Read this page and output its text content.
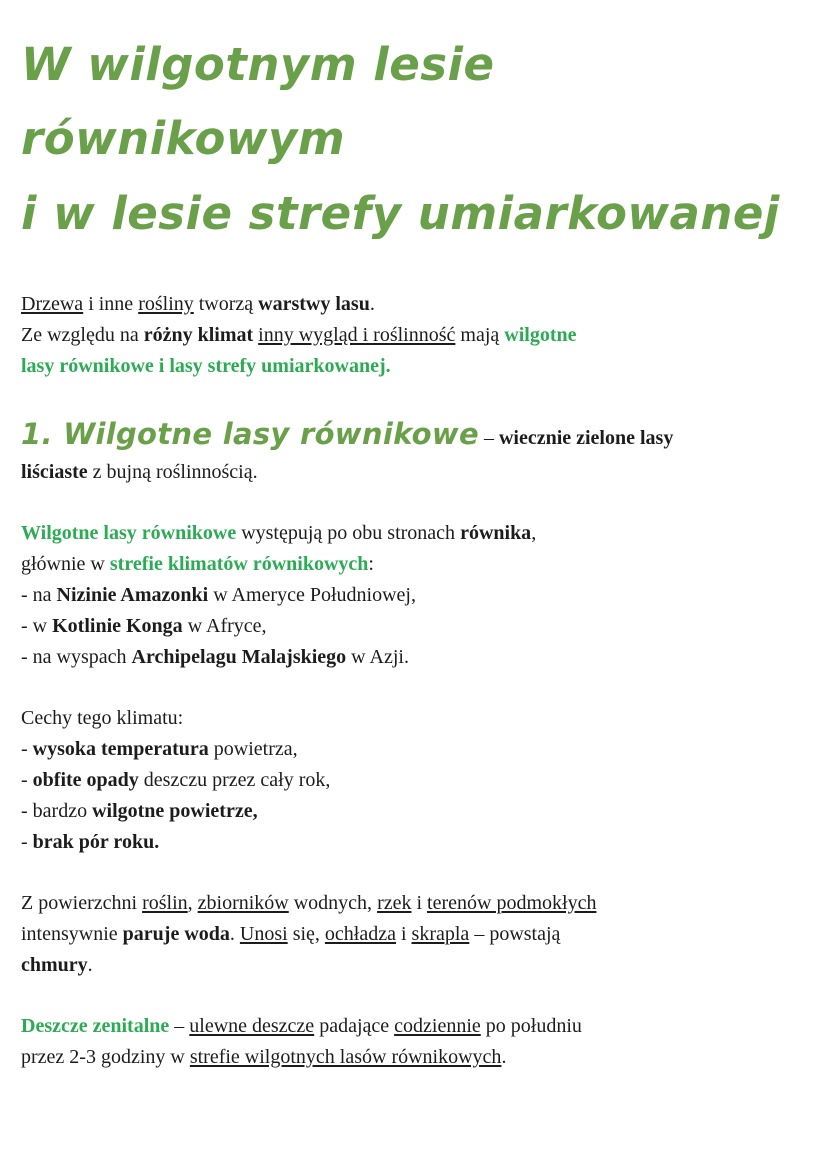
W wilgotnym lesie równikowym
i w lesie strefy umiarkowanej

Drzewa i inne rośliny tworzą warstwy lasu.
Ze względu na różny klimat inny wygląd i roślinność mają wilgotne
lasy równikowe i lasy strefy umiarkowanej.

1. Wilgotne lasy równikowe – wiecznie zielone lasy
liściaste z bujną roślinnością.

Wilgotne lasy równikowe występują po obu stronach równika,
głównie w strefie klimatów równikowych:
- na Nizinie Amazonki w Ameryce Południowej,
- w Kotlinie Konga w Afryce,
- na wyspach Archipelagu Malajskiego w Azji.

Cechy tego klimatu:
- wysoka temperatura powietrza,
- obfite opady deszczu przez cały rok,
- bardzo wilgotne powietrze,
- brak pór roku.

Z powierzchni roślin, zbiorników wodnych, rzek i terenów podmokłych
intensywnie paruje woda. Unosi się, ochładza i skrapla – powstają
chmury.

Deszcze zenitalne – ulewne deszcze padające codziennie po południu
przez 2-3 godziny w strefie wilgotnych lasów równikowych.
